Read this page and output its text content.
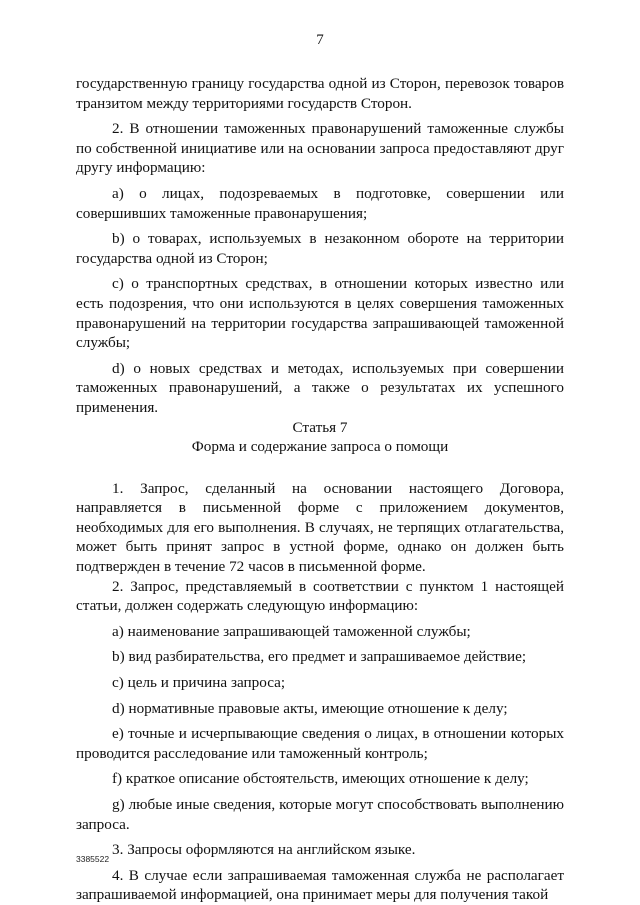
7

государственную границу государства одной из Сторон, перевозок товаров транзитом между территориями государств Сторон.

2. В отношении таможенных правонарушений таможенные службы по собственной инициативе или на основании запроса предоставляют друг другу информацию:

a) о лицах, подозреваемых в подготовке, совершении или совершивших таможенные правонарушения;

b) о товарах, используемых в незаконном обороте на территории государства одной из Сторон;

c) о транспортных средствах, в отношении которых известно или есть подозрения, что они используются в целях совершения таможенных правонарушений на территории государства запрашивающей таможенной службы;

d) о новых средствах и методах, используемых при совершении таможенных правонарушений, а также о результатах их успешного применения.

Статья 7

Форма и содержание запроса о помощи

1. Запрос, сделанный на основании настоящего Договора, направляется в письменной форме с приложением документов, необходимых для его выполнения. В случаях, не терпящих отлагательства, может быть принят запрос в устной форме, однако он должен быть подтвержден в течение 72 часов в письменной форме.

2. Запрос, представляемый в соответствии с пунктом 1 настоящей статьи, должен содержать следующую информацию:

a) наименование запрашивающей таможенной службы;

b) вид разбирательства, его предмет и запрашиваемое действие;

c) цель и причина запроса;

d) нормативные правовые акты, имеющие отношение к делу;

e) точные и исчерпывающие сведения о лицах, в отношении которых проводится расследование или таможенный контроль;

f) краткое описание обстоятельств, имеющих отношение к делу;

g) любые иные сведения, которые могут способствовать выполнению запроса.

3. Запросы оформляются на английском языке.

4. В случае если запрашиваемая таможенная служба не располагает запрашиваемой информацией, она принимает меры для получения такой

3385522
